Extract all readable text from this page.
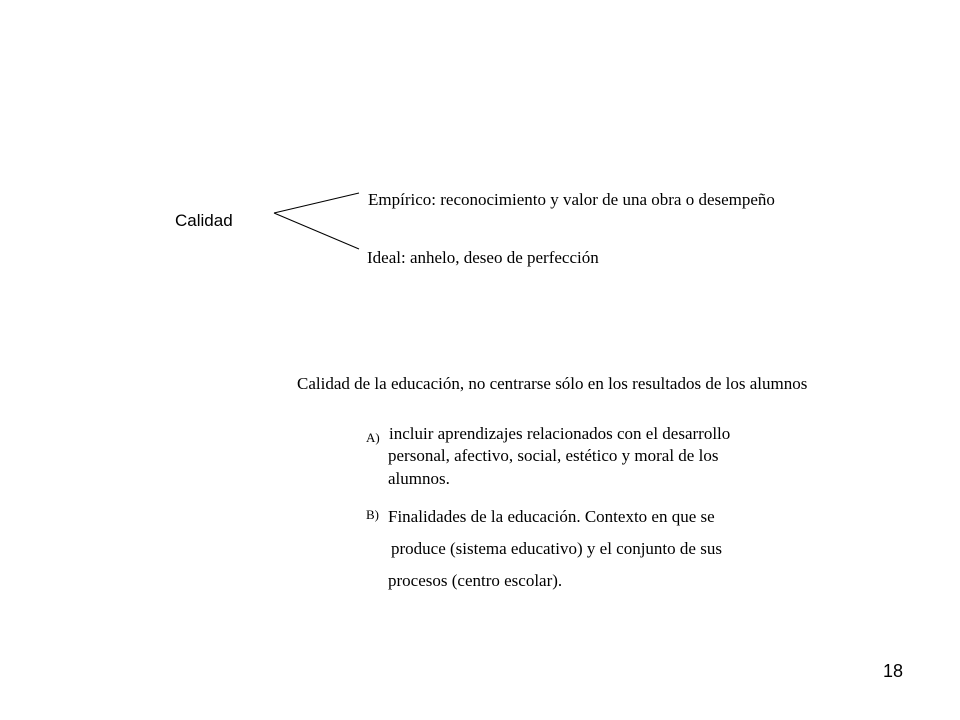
Calidad
Empírico: reconocimiento y valor de una obra o desempeño
Ideal: anhelo, deseo de perfección
Calidad de la educación, no centrarse sólo en los resultados de los alumnos
A) incluir aprendizajes relacionados con el desarrollo
personal, afectivo, social, estético y moral de los
alumnos.
B) Finalidades de la educación. Contexto en que se
produce (sistema educativo) y el conjunto de sus
procesos (centro escolar).
18
